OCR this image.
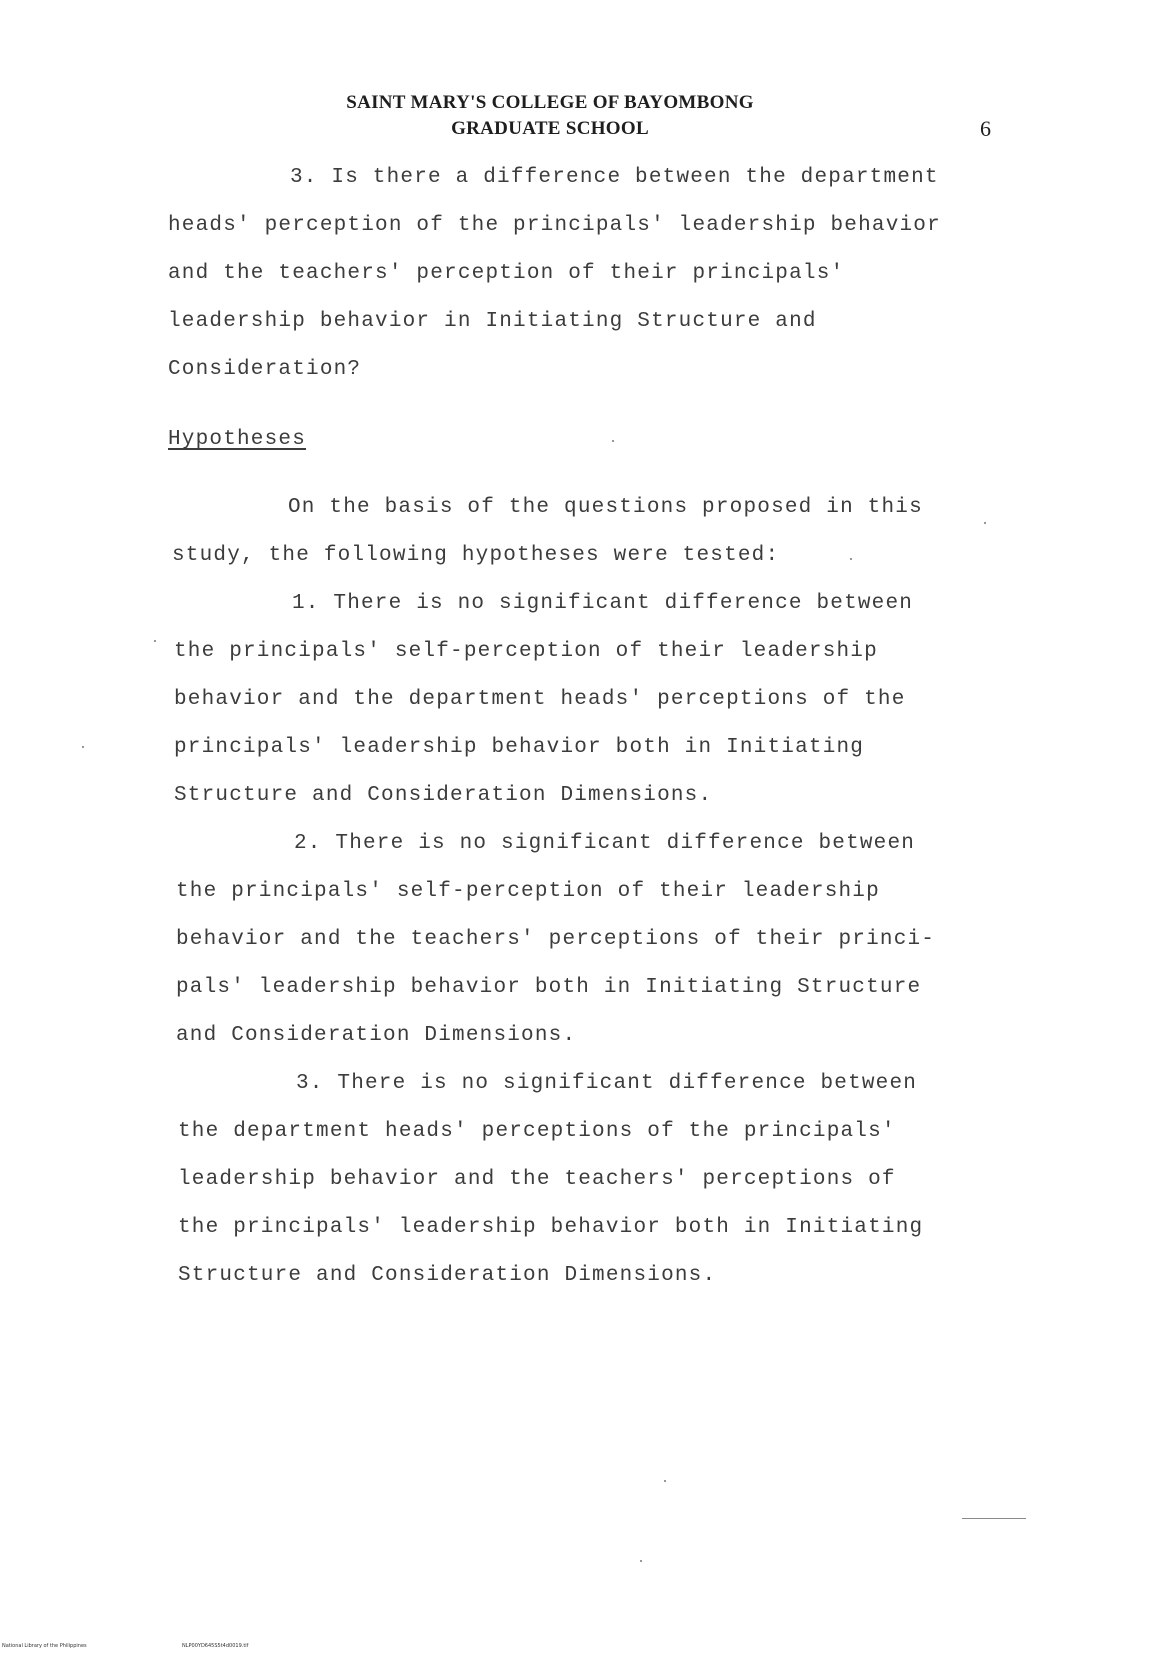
SAINT MARY'S COLLEGE OF BAYOMBONG
GRADUATE SCHOOL	6
3. Is there a difference between the department
heads' perception of the principals' leadership behavior
and the teachers' perception of their principals'
leadership behavior in Initiating Structure and
Consideration?
Hypotheses
On the basis of the questions proposed in this
study, the following hypotheses were tested:
1. There is no significant difference between
the principals' self-perception of their leadership
behavior and the department heads' perceptions of the
principals' leadership behavior both in Initiating
Structure and Consideration Dimensions.
2. There is no significant difference between
the principals' self-perception of their leadership
behavior and the teachers' perceptions of their princi-
pals' leadership behavior both in Initiating Structure
and Consideration Dimensions.
3. There is no significant difference between
the department heads' perceptions of the principals'
leadership behavior and the teachers' perceptions of
the principals' leadership behavior both in Initiating
Structure and Consideration Dimensions.
National Library of the Philippines	NLP00YD645S5t4d0019.tif
